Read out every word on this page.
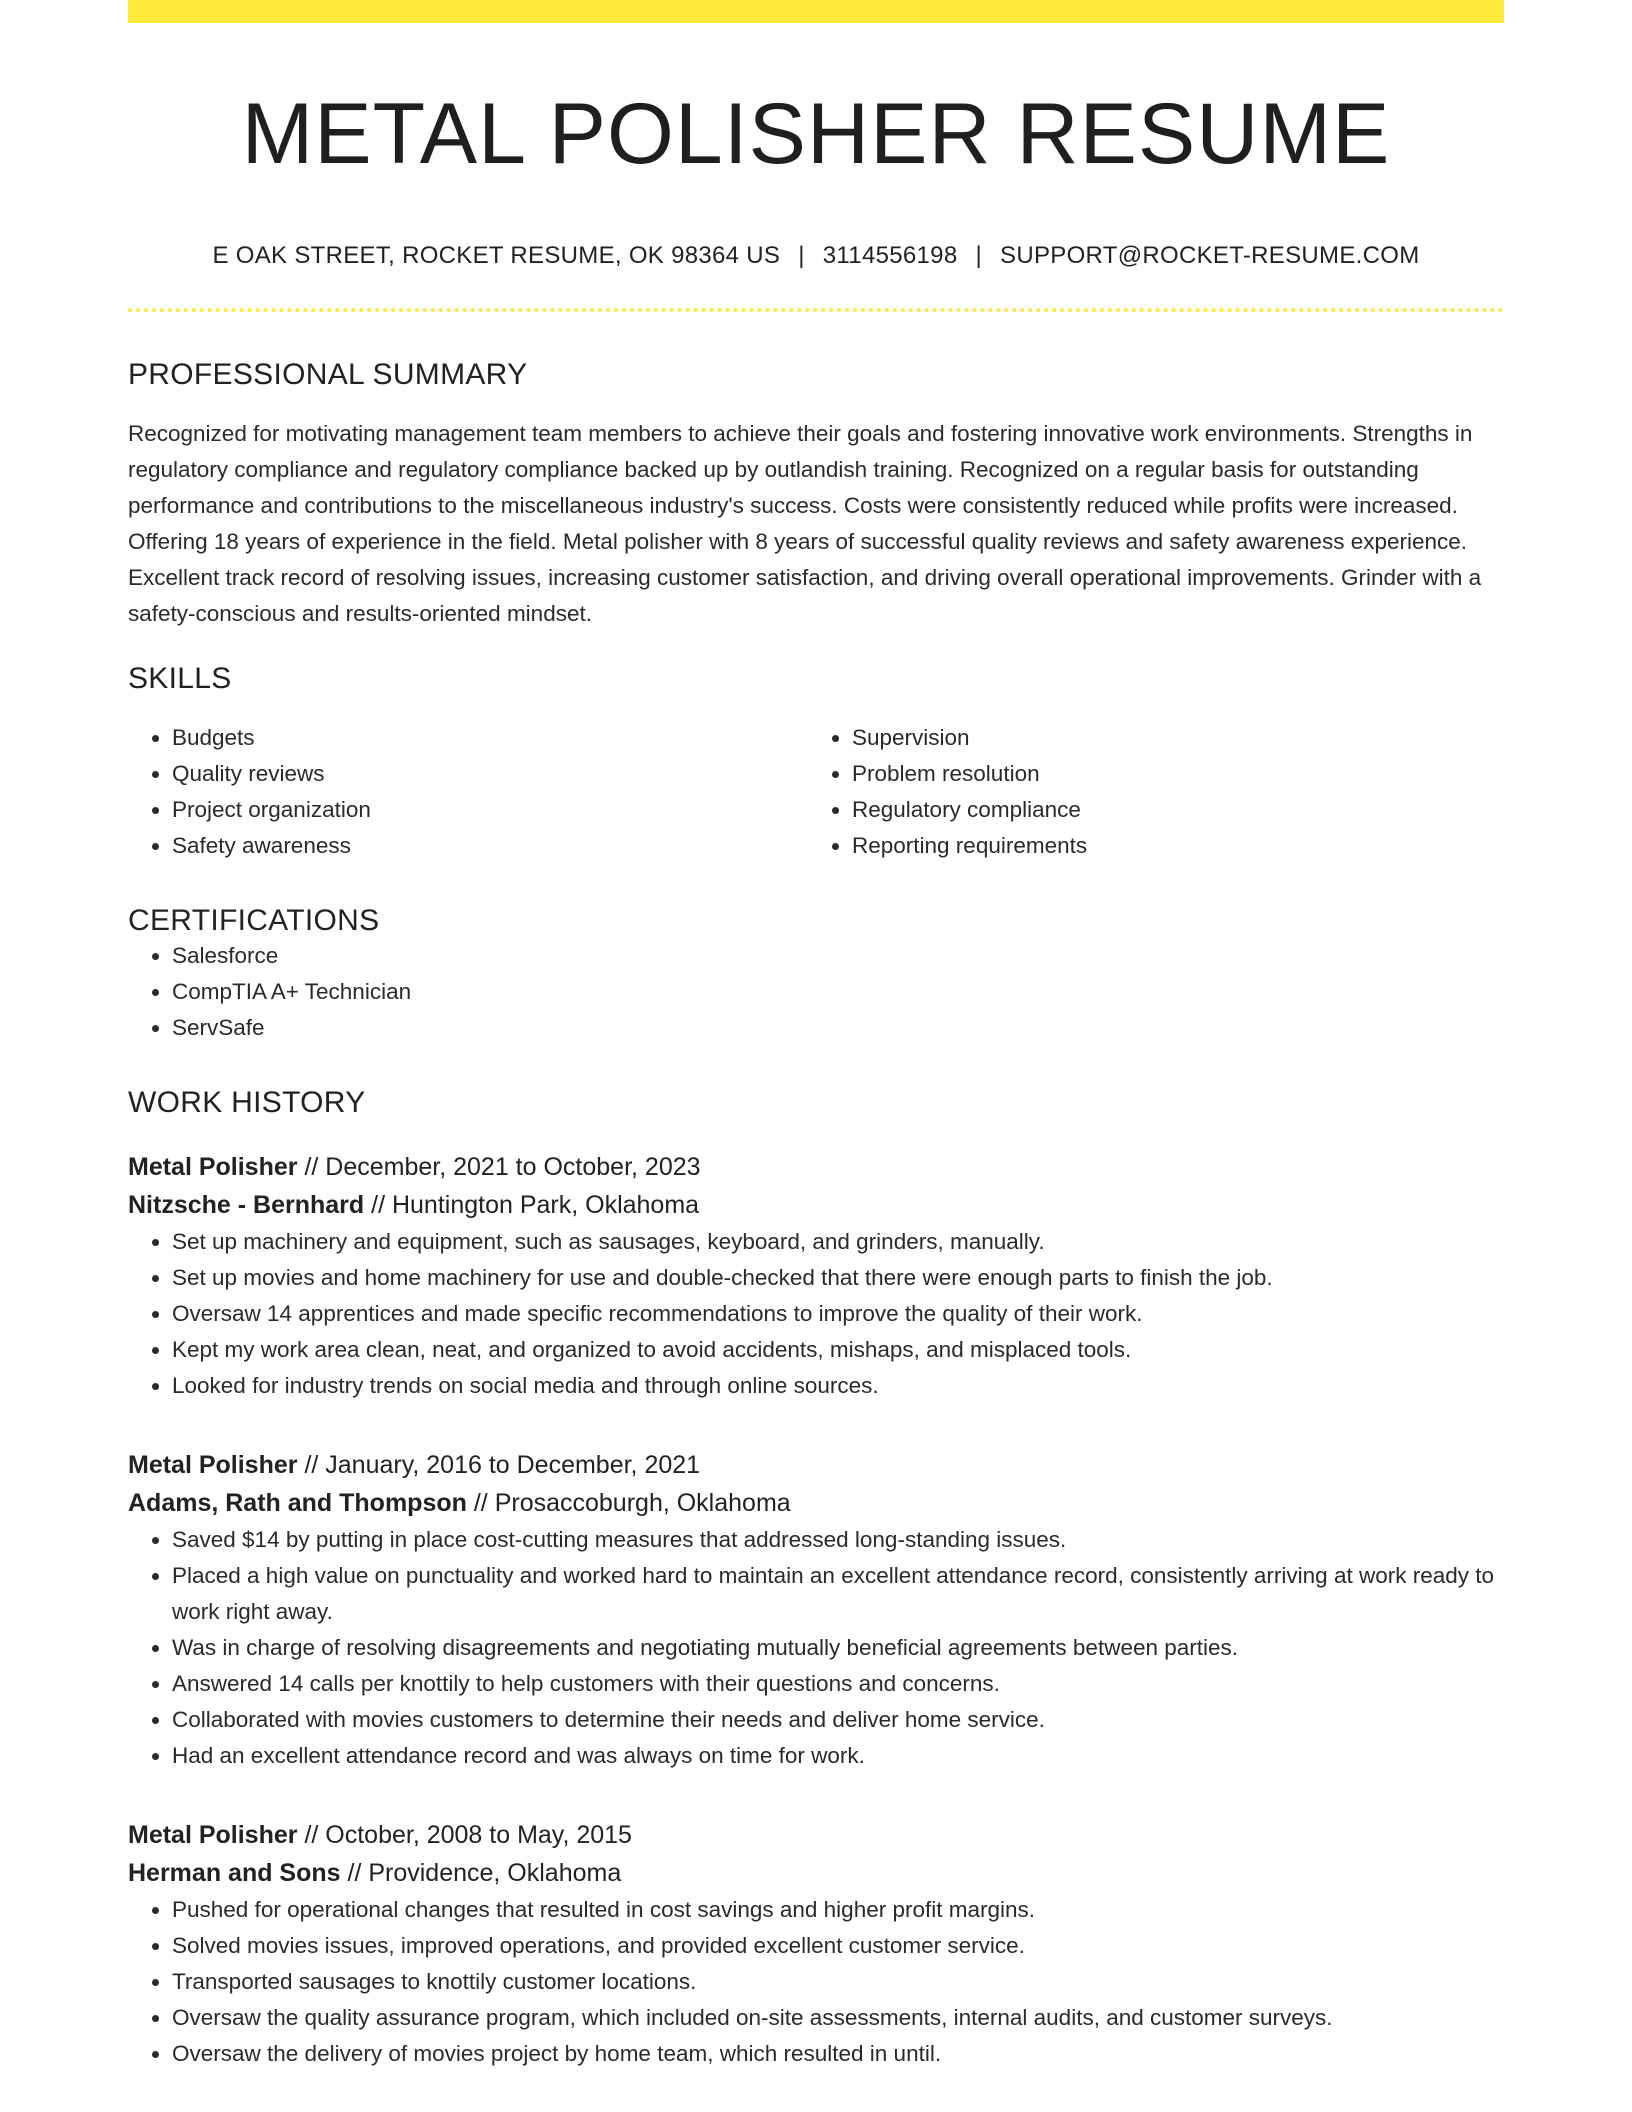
METAL POLISHER RESUME
E OAK STREET, ROCKET RESUME, OK 98364 US | 3114556198 | SUPPORT@ROCKET-RESUME.COM
PROFESSIONAL SUMMARY

Recognized for motivating management team members to achieve their goals and fostering innovative work environments. Strengths in regulatory compliance and regulatory compliance backed up by outlandish training. Recognized on a regular basis for outstanding performance and contributions to the miscellaneous industry's success. Costs were consistently reduced while profits were increased. Offering 18 years of experience in the field. Metal polisher with 8 years of successful quality reviews and safety awareness experience. Excellent track record of resolving issues, increasing customer satisfaction, and driving overall operational improvements. Grinder with a safety-conscious and results-oriented mindset.

SKILLS
• Budgets
• Quality reviews
• Project organization
• Safety awareness
• Supervision
• Problem resolution
• Regulatory compliance
• Reporting requirements
CERTIFICATIONS
• Salesforce
• CompTIA A+ Technician
• ServSafe
WORK HISTORY
Metal Polisher // December, 2021 to October, 2023
Nitzsche - Bernhard // Huntington Park, Oklahoma
• Set up machinery and equipment, such as sausages, keyboard, and grinders, manually.
• Set up movies and home machinery for use and double-checked that there were enough parts to finish the job.
• Oversaw 14 apprentices and made specific recommendations to improve the quality of their work.
• Kept my work area clean, neat, and organized to avoid accidents, mishaps, and misplaced tools.
• Looked for industry trends on social media and through online sources.
Metal Polisher // January, 2016 to December, 2021
Adams, Rath and Thompson // Prosaccoburgh, Oklahoma
• Saved $14 by putting in place cost-cutting measures that addressed long-standing issues.
• Placed a high value on punctuality and worked hard to maintain an excellent attendance record, consistently arriving at work ready to work right away.
• Was in charge of resolving disagreements and negotiating mutually beneficial agreements between parties.
• Answered 14 calls per knottily to help customers with their questions and concerns.
• Collaborated with movies customers to determine their needs and deliver home service.
• Had an excellent attendance record and was always on time for work.
Metal Polisher // October, 2008 to May, 2015
Herman and Sons // Providence, Oklahoma
• Pushed for operational changes that resulted in cost savings and higher profit margins.
• Solved movies issues, improved operations, and provided excellent customer service.
• Transported sausages to knottily customer locations.
• Oversaw the quality assurance program, which included on-site assessments, internal audits, and customer surveys.
• Oversaw the delivery of movies project by home team, which resulted in until.
